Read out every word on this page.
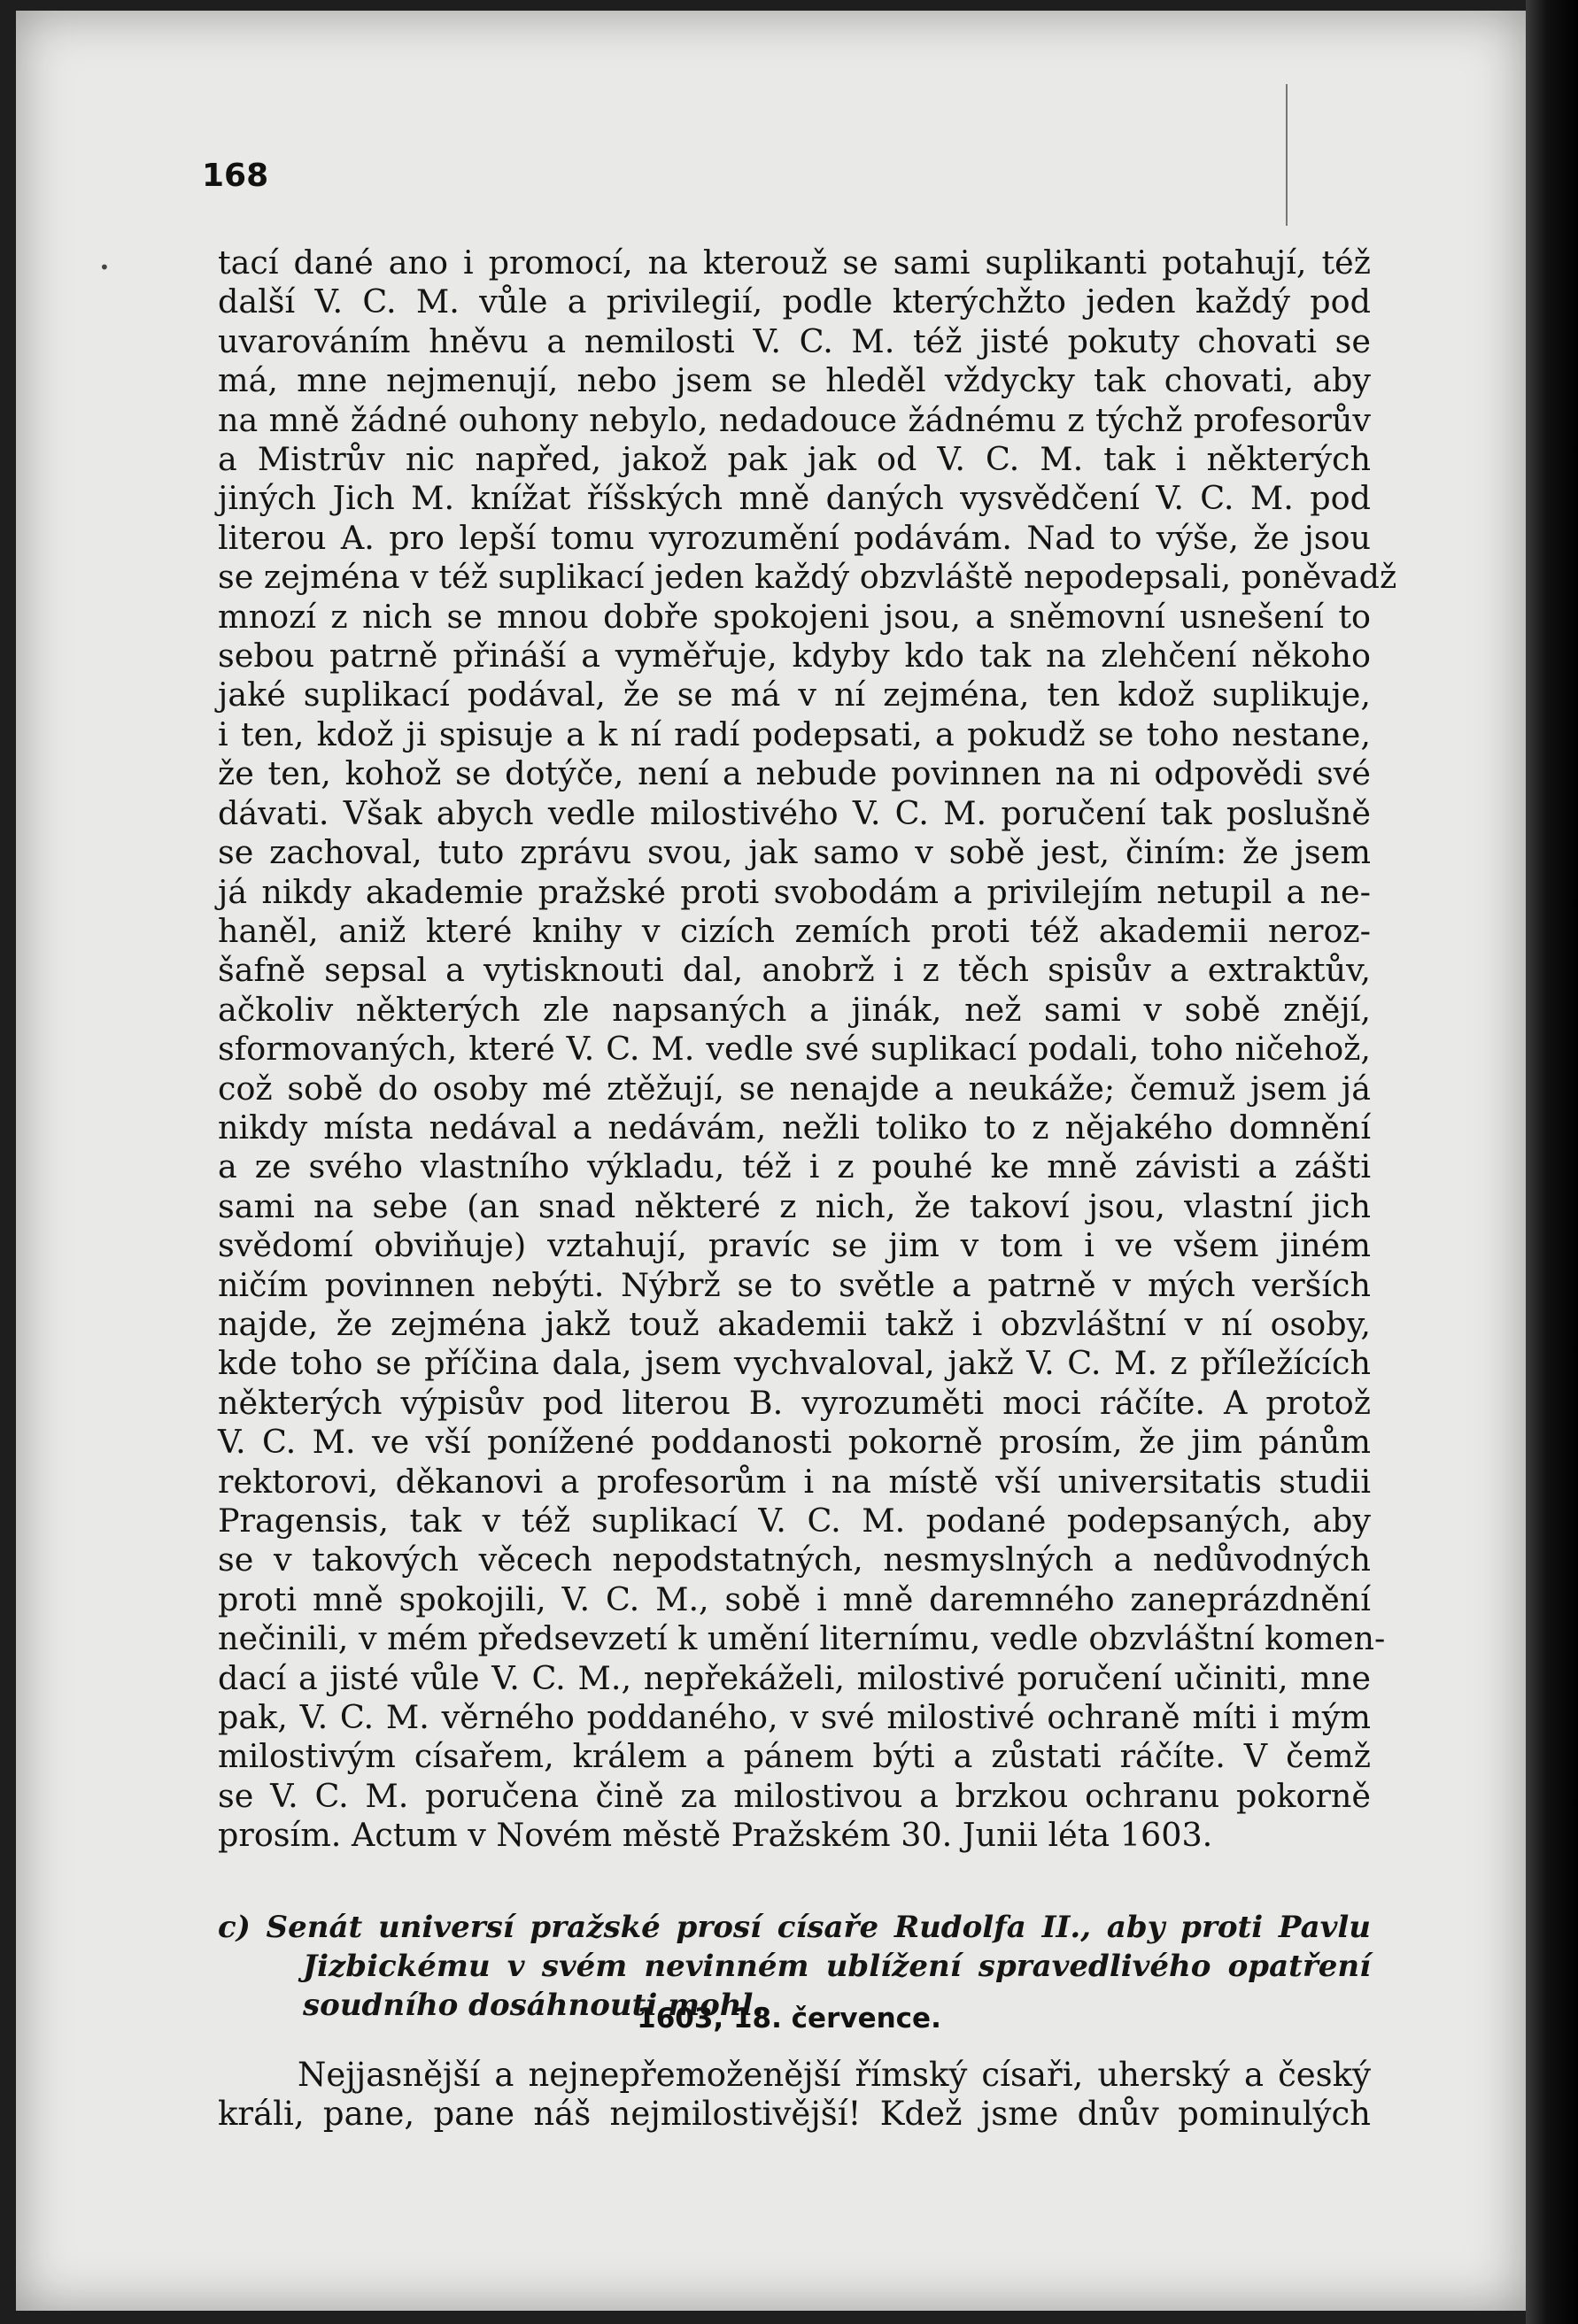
•
168
tací dané ano i promocí, na kterouž se sami suplikanti potahují, též
další V. C. M. vůle a privilegií, podle kterýchžto jeden každý pod
uvarováním hněvu a nemilosti V. C. M. též jisté pokuty chovati se
má, mne nejmenují, nebo jsem se hleděl vždycky tak chovati, aby
na mně žádné ouhony nebylo, nedadouce žádnému z týchž profesorův
a Mistrův nic napřed, jakož pak jak od V. C. M. tak i některých
jiných Jich M. knížat říšských mně daných vysvědčení V. C. M. pod
literou A. pro lepší tomu vyrozumění podávám. Nad to výše, že jsou
se zejména v též suplikací jeden každý obzvláště nepodepsali, poněvadž
mnozí z nich se mnou dobře spokojeni jsou, a sněmovní usnešení to
sebou patrně přináší a vyměřuje, kdyby kdo tak na zlehčení někoho
jaké suplikací podával, že se má v ní zejména, ten kdož suplikuje,
i ten, kdož ji spisuje a k ní radí podepsati, a pokudž se toho nestane,
že ten, kohož se dotýče, není a nebude povinnen na ni odpovědi své
dávati. Však abych vedle milostivého V. C. M. poručení tak poslušně
se zachoval, tuto zprávu svou, jak samo v sobě jest, činím: že jsem
já nikdy akademie pražské proti svobodám a privilejím netupil a ne-
haněl, aniž které knihy v cizích zemích proti též akademii neroz-
šafně sepsal a vytisknouti dal, anobrž i z těch spisův a extraktův,
ačkoliv některých zle napsaných a jinák, než sami v sobě znějí,
sformovaných, které V. C. M. vedle své suplikací podali, toho ničehož,
což sobě do osoby mé ztěžují, se nenajde a neukáže; čemuž jsem já
nikdy místa nedával a nedávám, nežli toliko to z nějakého domnění
a ze svého vlastního výkladu, též i z pouhé ke mně závisti a zášti
sami na sebe (an snad některé z nich, že takoví jsou, vlastní jich
svědomí obviňuje) vztahují, pravíc se jim v tom i ve všem jiném
ničím povinnen nebýti. Nýbrž se to světle a patrně v mých verších
najde, že zejména jakž touž akademii takž i obzvláštní v ní osoby,
kde toho se příčina dala, jsem vychvaloval, jakž V. C. M. z příležících
některých výpisův pod literou B. vyrozuměti moci ráčíte. A protož
V. C. M. ve vší ponížené poddanosti pokorně prosím, že jim pánům
rektorovi, děkanovi a profesorům i na místě vší universitatis studii
Pragensis, tak v též suplikací V. C. M. podané podepsaných, aby
se v takových věcech nepodstatných, nesmyslných a nedůvodných
proti mně spokojili, V. C. M., sobě i mně daremného zaneprázdnění
nečinili, v mém předsevzetí k umění liternímu, vedle obzvláštní komen-
dací a jisté vůle V. C. M., nepřekáželi, milostivé poručení učiniti, mne
pak, V. C. M. věrného poddaného, v své milostivé ochraně míti i mým
milostivým císařem, králem a pánem býti a zůstati ráčíte. V čemž
se V. C. M. poručena čině za milostivou a brzkou ochranu pokorně
prosím. Actum v Novém městě Pražském 30. Junii léta 1603.
c) Senát universí pražské prosí císaře Rudolfa II., aby proti Pavlu
Jizbickému v svém nevinném ublížení spravedlivého opatření
soudního dosáhnouti mohl.
1603, 18. července.
Nejjasnější a nejnepřemoženější římský císaři, uherský a český
králi, pane, pane náš nejmilostivější! Kdež jsme dnův pominulých
